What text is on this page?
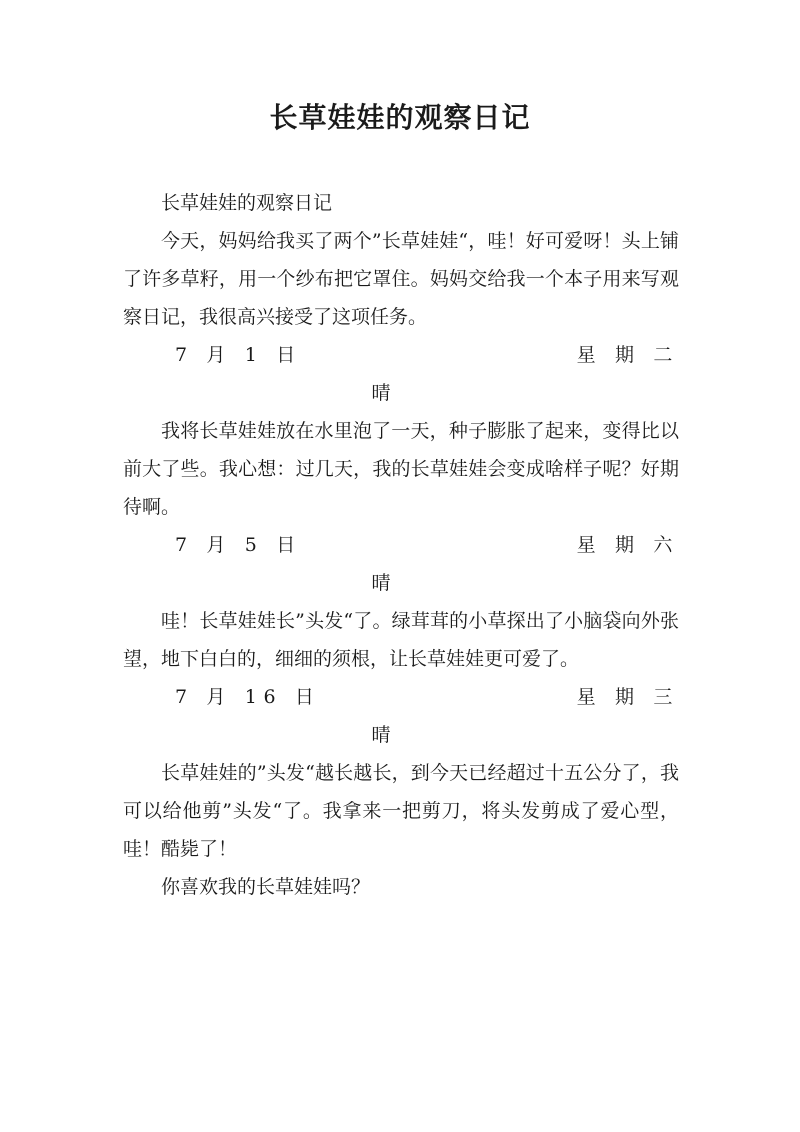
长草娃娃的观察日记

长草娃娃的观察日记

今天，妈妈给我买了两个”长草娃娃“，哇！好可爱呀！头上铺了许多草籽，用一个纱布把它罩住。妈妈交给我一个本子用来写观察日记，我很高兴接受了这项任务。

7 月 1 日	星 期 二
晴

我将长草娃娃放在水里泡了一天，种子膨胀了起来，变得比以前大了些。我心想：过几天，我的长草娃娃会变成啥样子呢？好期待啊。

7 月 5 日	星 期 六
晴

哇！长草娃娃长”头发“了。绿茸茸的小草探出了小脑袋向外张望，地下白白的，细细的须根，让长草娃娃更可爱了。

7 月 16 日	星 期 三
晴

长草娃娃的”头发“越长越长，到今天已经超过十五公分了，我可以给他剪”头发“了。我拿来一把剪刀，将头发剪成了爱心型，哇！酷毙了！

你喜欢我的长草娃娃吗？
